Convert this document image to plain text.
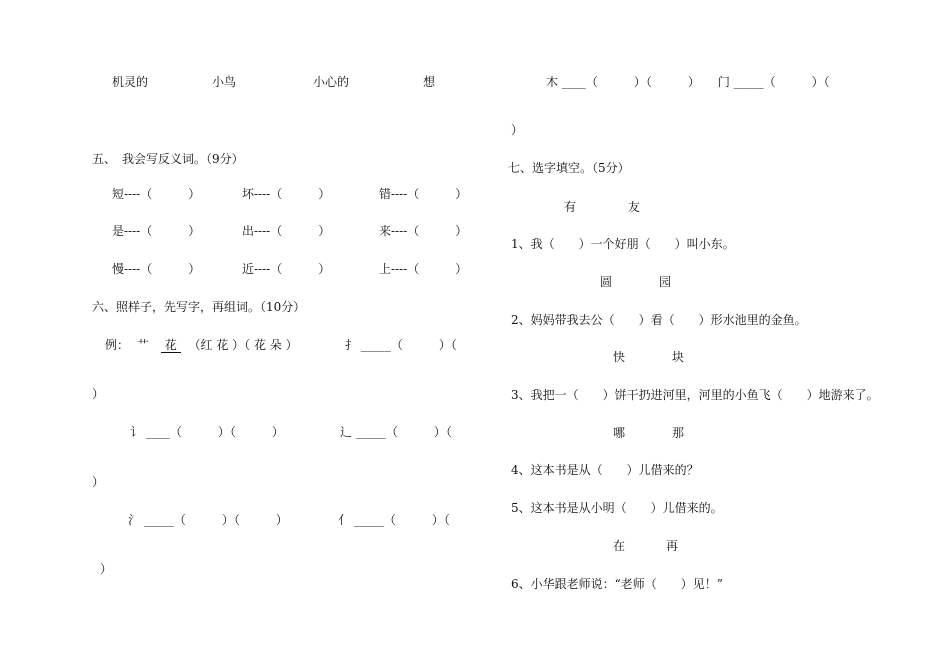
机灵的	小鸟	小心的	想	木 ____（　　　）（　　　）　　门 _____（　　　）（
）
五、　我会写反义词。（9分）
短----（　　　）	坏----（　　　）	错----（　　　）
是----（　　　）	出----（　　　）	来----（　　　）
慢----（　　　）	近----（　　　）	上----（　　　）
六、照样子，先写字，再组词。（10分）
例： 艹 花 （红 花 ）（ 花 朵 ）	扌 _____（　　　）（
）
讠 ____（　　　）（　　　）	辶 _____（　　　）（
）
氵 _____（　　　）（　　　）	亻 _____（　　　）（
）
七、选字填空。（5分）
有	友
1、我（　　）一个好朋（　　）叫小东。
圆	园
2、妈妈带我去公（　　）看（　　）形水池里的金鱼。
快	块
3、我把一（　　）饼干扔进河里，河里的小鱼飞（　　）地游来了。
哪	那
4、这本书是从（　　）儿借来的？
5、这本书是从小明（　　）儿借来的。
在	再
6、小华跟老师说：“老师（　　）见！”
